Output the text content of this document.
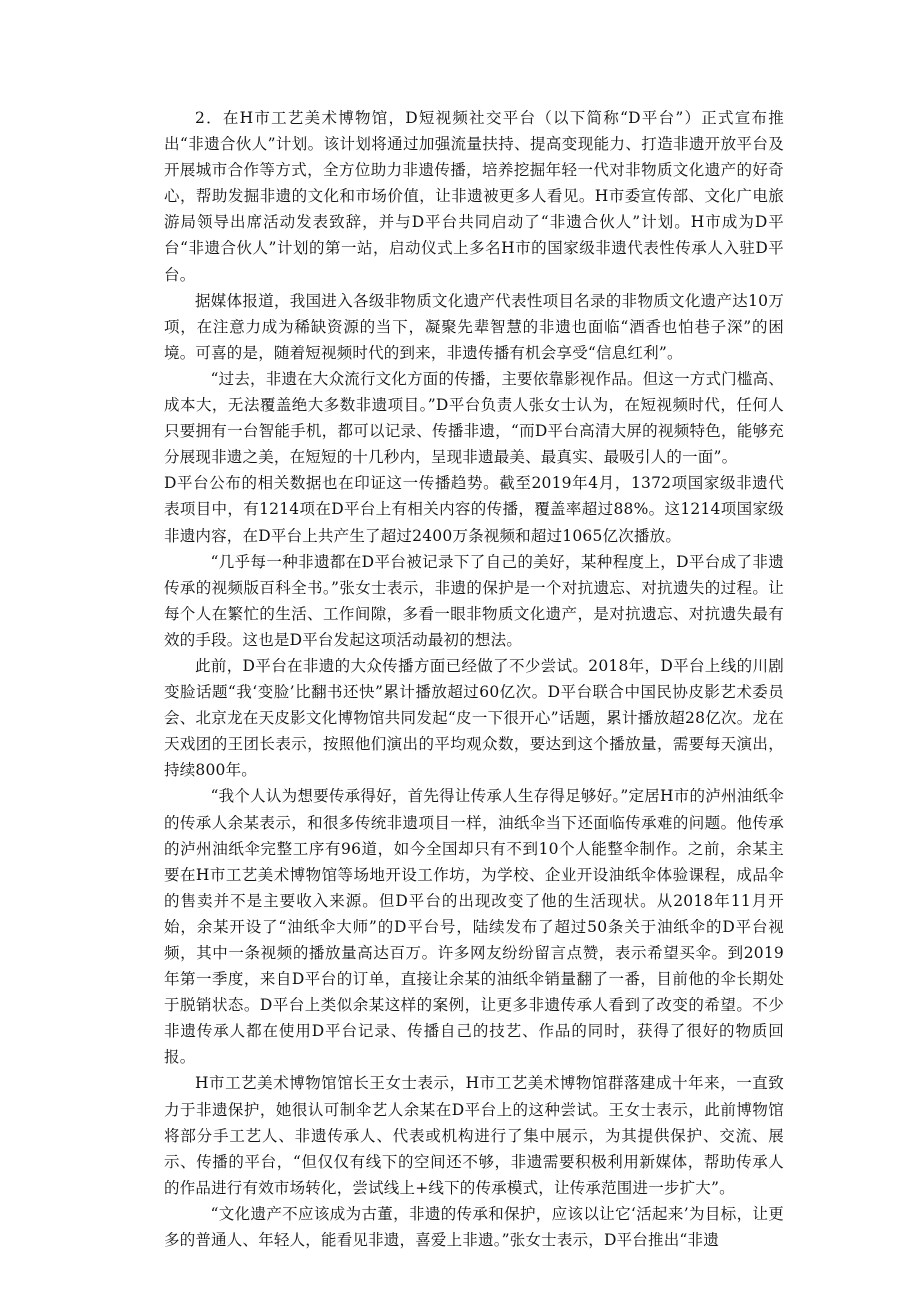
2．在H市工艺美术博物馆，D短视频社交平台（以下简称“D平台”）正式宣布推出“非遗合伙人”计划。该计划将通过加强流量扶持、提高变现能力、打造非遗开放平台及开展城市合作等方式，全方位助力非遗传播，培养挖掘年轻一代对非物质文化遗产的好奇心，帮助发掘非遗的文化和市场价值，让非遗被更多人看见。H市委宣传部、文化广电旅游局领导出席活动发表致辞，并与D平台共同启动了“非遗合伙人”计划。H市成为D平台“非遗合伙人”计划的第一站，启动仪式上多名H市的国家级非遗代表性传承人入驻D平台。

据媒体报道，我国进入各级非物质文化遗产代表性项目名录的非物质文化遗产达10万项，在注意力成为稀缺资源的当下，凝聚先辈智慧的非遗也面临“酒香也怕巷子深”的困境。可喜的是，随着短视频时代的到来，非遗传播有机会享受“信息红利”。

“过去，非遗在大众流行文化方面的传播，主要依靠影视作品。但这一方式门槛高、成本大，无法覆盖绝大多数非遗项目。”D平台负责人张女士认为，在短视频时代，任何人只要拥有一台智能手机，都可以记录、传播非遗，“而D平台高清大屏的视频特色，能够充分展现非遗之美，在短短的十几秒内，呈现非遗最美、最真实、最吸引人的一面”。

D平台公布的相关数据也在印证这一传播趋势。截至2019年4月，1372项国家级非遗代表项目中，有1214项在D平台上有相关内容的传播，覆盖率超过88%。这1214项国家级非遗内容，在D平台上共产生了超过2400万条视频和超过1065亿次播放。

“几乎每一种非遗都在D平台被记录下了自己的美好，某种程度上，D平台成了非遗传承的视频版百科全书。”张女士表示，非遗的保护是一个对抗遗忘、对抗遗失的过程。让每个人在繁忙的生活、工作间隙，多看一眼非物质文化遗产，是对抗遗忘、对抗遗失最有效的手段。这也是D平台发起这项活动最初的想法。

此前，D平台在非遗的大众传播方面已经做了不少尝试。2018年，D平台上线的川剧变脸话题“我‘变脸’比翻书还快”累计播放超过60亿次。D平台联合中国民协皮影艺术委员会、北京龙在天皮影文化博物馆共同发起“皮一下很开心”话题，累计播放超28亿次。龙在天戏团的王团长表示，按照他们演出的平均观众数，要达到这个播放量，需要每天演出，持续800年。

“我个人认为想要传承得好，首先得让传承人生存得足够好。”定居H市的泸州油纸伞的传承人余某表示，和很多传统非遗项目一样，油纸伞当下还面临传承难的问题。他传承的泸州油纸伞完整工序有96道，如今全国却只有不到10个人能整伞制作。之前，余某主要在H市工艺美术博物馆等场地开设工作坊，为学校、企业开设油纸伞体验课程，成品伞的售卖并不是主要收入来源。但D平台的出现改变了他的生活现状。从2018年11月开始，余某开设了“油纸伞大师”的D平台号，陆续发布了超过50条关于油纸伞的D平台视频，其中一条视频的播放量高达百万。许多网友纷纷留言点赞，表示希望买伞。到2019年第一季度，来自D平台的订单，直接让余某的油纸伞销量翻了一番，目前他的伞长期处于脱销状态。D平台上类似余某这样的案例，让更多非遗传承人看到了改变的希望。不少非遗传承人都在使用D平台记录、传播自己的技艺、作品的同时，获得了很好的物质回报。

H市工艺美术博物馆馆长王女士表示，H市工艺美术博物馆群落建成十年来，一直致力于非遗保护，她很认可制伞艺人余某在D平台上的这种尝试。王女士表示，此前博物馆将部分手工艺人、非遗传承人、代表或机构进行了集中展示，为其提供保护、交流、展示、传播的平台，“但仅仅有线下的空间还不够，非遗需要积极利用新媒体，帮助传承人的作品进行有效市场转化，尝试线上+线下的传承模式，让传承范围进一步扩大”。

“文化遗产不应该成为古董，非遗的传承和保护，应该以让它‘活起来’为目标，让更多的普通人、年轻人，能看见非遗，喜爱上非遗。”张女士表示，D平台推出“非遗
